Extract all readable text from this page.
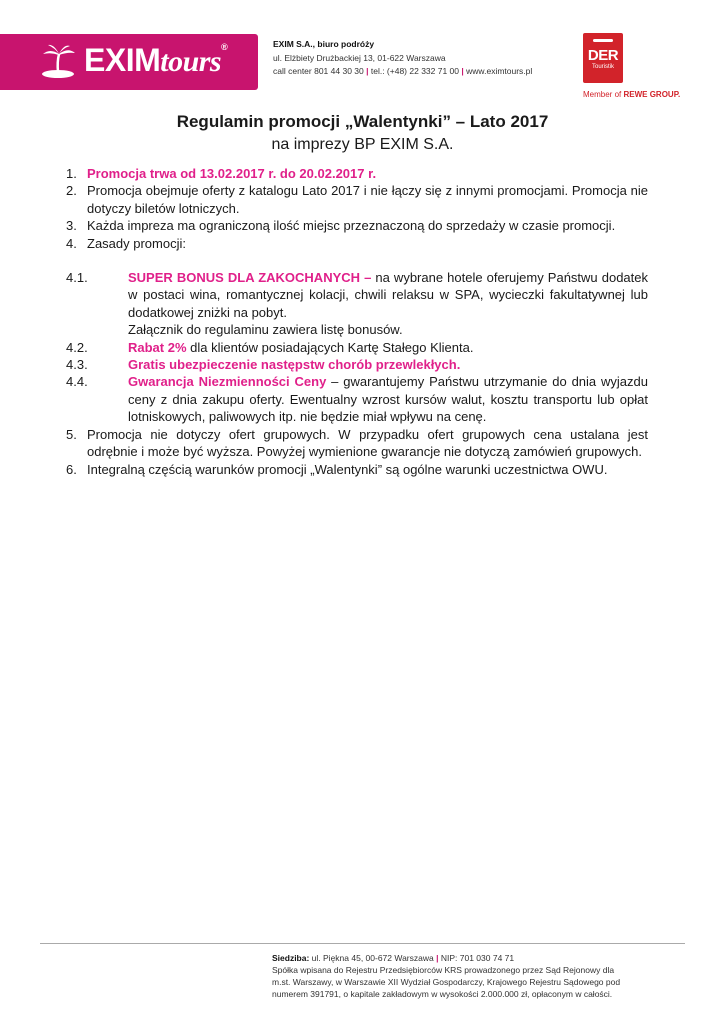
EXIMtours®	EXIM S.A., biuro podróży
ul. Elżbiety Drużbackiej 13, 01-622 Warszawa
call center 801 44 30 30 | tel.: (+48) 22 332 71 00 | www.eximtours.pl
DER
Touristik
Member of REWE GROUP.
Regulamin promocji „Walentynki” – Lato 2017
na imprezy BP EXIM S.A.
1. Promocja trwa od 13.02.2017 r. do 20.02.2017 r.
2. Promocja obejmuje oferty z katalogu Lato 2017 i nie łączy się z innymi promocjami. Promocja nie dotyczy biletów lotniczych.
3. Każda impreza ma ograniczoną ilość miejsc przeznaczoną do sprzedaży w czasie promocji.
4. Zasady promocji:
4.1.	SUPER BONUS DLA ZAKOCHANYCH – na wybrane hotele oferujemy Państwu dodatek w postaci wina, romantycznej kolacji, chwili relaksu w SPA, wycieczki fakultatywnej lub dodatkowej zniżki na pobyt.
Załącznik do regulaminu zawiera listę bonusów.
4.2.	Rabat 2% dla klientów posiadających Kartę Stałego Klienta.
4.3.	Gratis ubezpieczenie następstw chorób przewlekłych.
4.4.	Gwarancja Niezmienności Ceny – gwarantujemy Państwu utrzymanie do dnia wyjazdu ceny z dnia zakupu oferty. Ewentualny wzrost kursów walut, kosztu transportu lub opłat lotniskowych, paliwowych itp. nie będzie miał wpływu na cenę.
5. Promocja nie dotyczy ofert grupowych. W przypadku ofert grupowych cena ustalana jest odrębnie i może być wyższa. Powyżej wymienione gwarancje nie dotyczą zamówień grupowych.
6. Integralną częścią warunków promocji „Walentynki” są ogólne warunki uczestnictwa OWU.
Siedziba: ul. Piękna 45, 00-672 Warszawa | NIP: 701 030 74 71
Spółka wpisana do Rejestru Przedsiębiorców KRS prowadzonego przez Sąd Rejonowy dla
m.st. Warszawy, w Warszawie XII Wydział Gospodarczy, Krajowego Rejestru Sądowego pod
numerem 391791, o kapitale zakładowym w wysokości 2.000.000 zł, opłaconym w całości.
